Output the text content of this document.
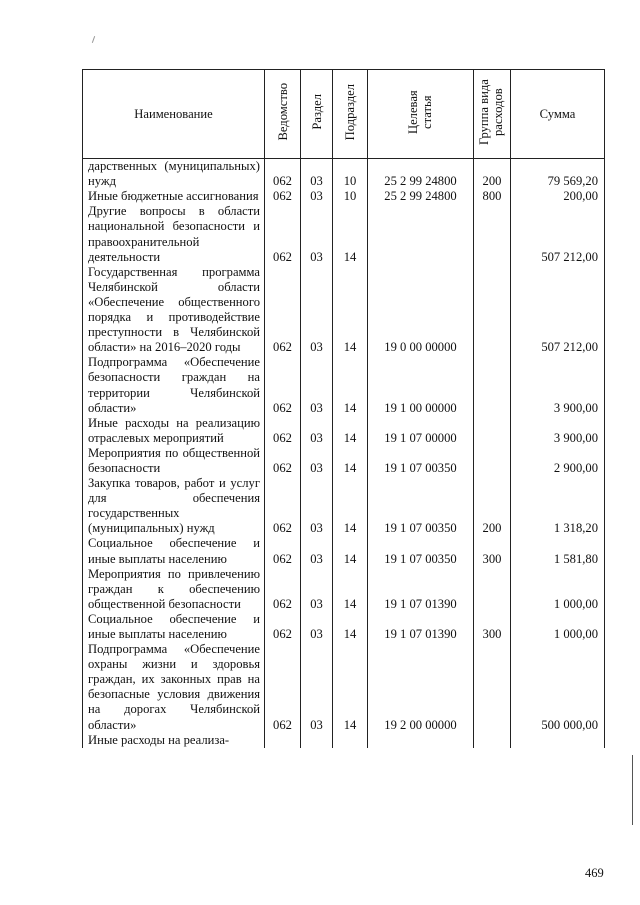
Наименование	Ведомство	Раздел	Подраздел	Целевая статья	Группа вида расходов	Сумма
дарственных (муниципальных) нужд	062	03	10	25 2 99 24800	200	79 569,20
Иные бюджетные ассигнования	062	03	10	25 2 99 24800	800	200,00
Другие вопросы в области национальной безопасности и правоохранительной деятельности	062	03	14			507 212,00
Государственная программа Челябинской области «Обеспечение общественного порядка и противодействие преступности в Челябинской области» на 2016–2020 годы	062	03	14	19 0 00 00000		507 212,00
Подпрограмма «Обеспечение безопасности граждан на территории Челябинской области»	062	03	14	19 1 00 00000		3 900,00
Иные расходы на реализацию отраслевых мероприятий	062	03	14	19 1 07 00000		3 900,00
Мероприятия по общественной безопасности	062	03	14	19 1 07 00350		2 900,00
Закупка товаров, работ и услуг для обеспечения государственных (муниципальных) нужд	062	03	14	19 1 07 00350	200	1 318,20
Социальное обеспечение и иные выплаты населению	062	03	14	19 1 07 00350	300	1 581,80
Мероприятия по привлечению граждан к обеспечению общественной безопасности	062	03	14	19 1 07 01390		1 000,00
Социальное обеспечение и иные выплаты населению	062	03	14	19 1 07 01390	300	1 000,00
Подпрограмма «Обеспечение охраны жизни и здоровья граждан, их законных прав на безопасные условия движения на дорогах Челябинской области»	062	03	14	19 2 00 00000		500 000,00
Иные расходы на реализа-						
469
